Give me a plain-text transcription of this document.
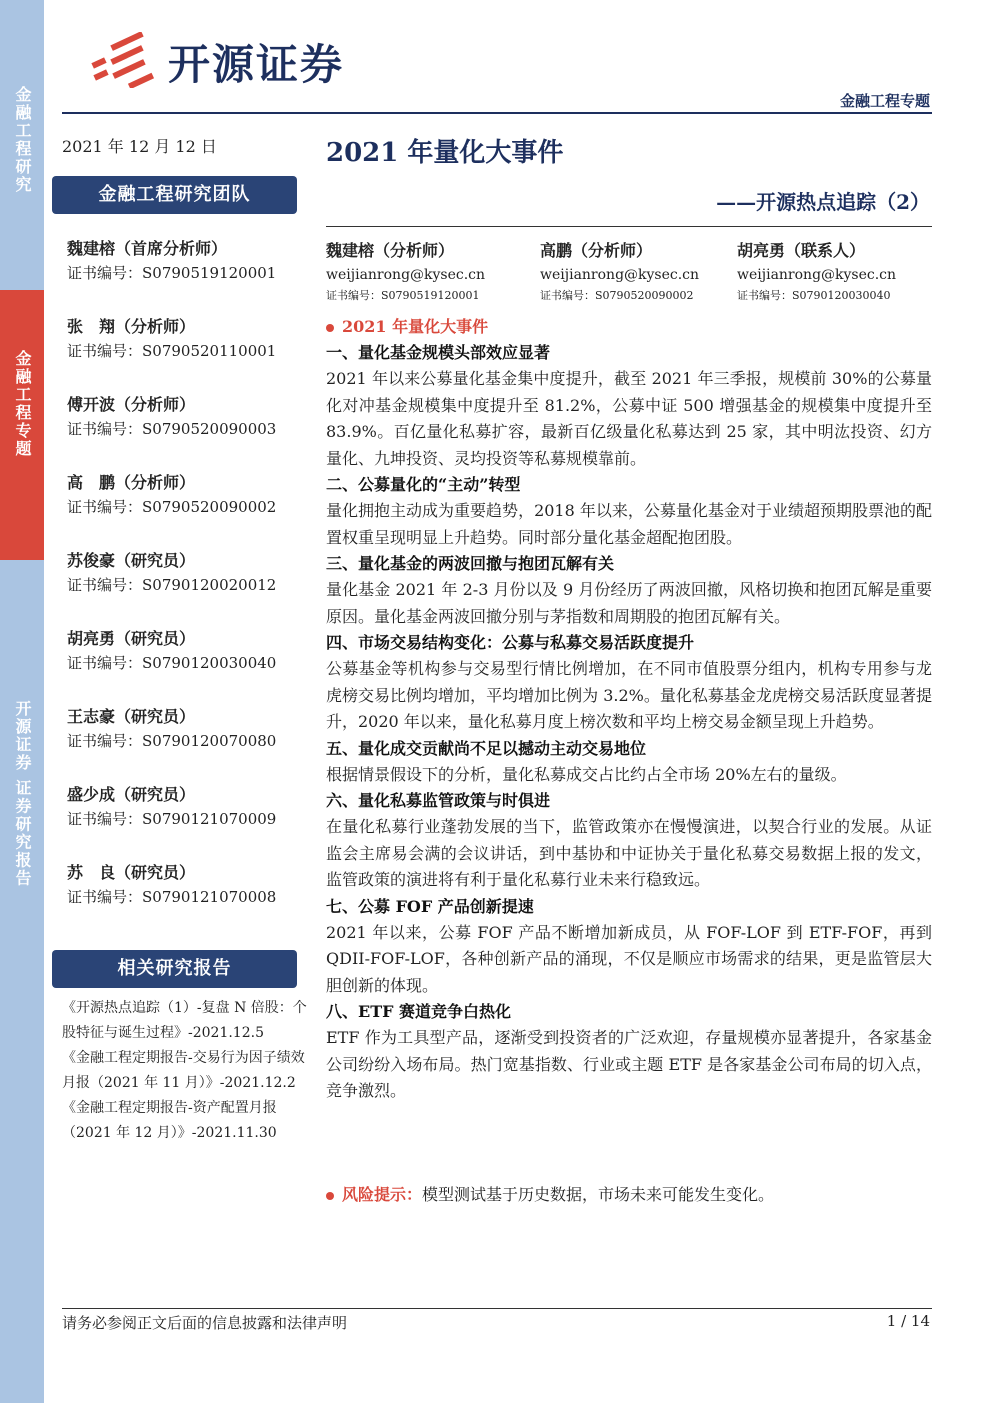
金融工程研究
金融工程专题
开源证券 证券研究报告
开源证券
金融工程专题
2021 年 12 月 12 日
金融工程研究团队
魏建榕（首席分析师）
证书编号：S0790519120001
张　翔（分析师）
证书编号：S0790520110001
傅开波（分析师）
证书编号：S0790520090003
高　鹏（分析师）
证书编号：S0790520090002
苏俊豪（研究员）
证书编号：S0790120020012
胡亮勇（研究员）
证书编号：S0790120030040
王志豪（研究员）
证书编号：S0790120070080
盛少成（研究员）
证书编号：S0790121070009
苏　良（研究员）
证书编号：S0790121070008
相关研究报告
《开源热点追踪（1）-复盘 N 倍股：个股特征与诞生过程》-2021.12.5
《金融工程定期报告-交易行为因子绩效月报（2021 年 11 月）》-2021.12.2
《金融工程定期报告-资产配置月报（2021 年 12 月）》-2021.11.30
2021 年量化大事件
——开源热点追踪（2）
魏建榕（分析师）
weijianrong@kysec.cn
证书编号：S0790519120001
高鹏（分析师）
weijianrong@kysec.cn
证书编号：S0790520090002
胡亮勇（联系人）
weijianrong@kysec.cn
证书编号：S0790120030040
2021 年量化大事件
一、量化基金规模头部效应显著
2021 年以来公募量化基金集中度提升，截至 2021 年三季报，规模前 30%的公募量化对冲基金规模集中度提升至 81.2%，公募中证 500 增强基金的规模集中度提升至 83.9%。百亿量化私募扩容，最新百亿级量化私募达到 25 家，其中明汯投资、幻方量化、九坤投资、灵均投资等私募规模靠前。
二、公募量化的“主动”转型
量化拥抱主动成为重要趋势，2018 年以来，公募量化基金对于业绩超预期股票池的配置权重呈现明显上升趋势。同时部分量化基金超配抱团股。
三、量化基金的两波回撤与抱团瓦解有关
量化基金 2021 年 2-3 月份以及 9 月份经历了两波回撤，风格切换和抱团瓦解是重要原因。量化基金两波回撤分别与茅指数和周期股的抱团瓦解有关。
四、市场交易结构变化：公募与私募交易活跃度提升
公募基金等机构参与交易型行情比例增加，在不同市值股票分组内，机构专用参与龙虎榜交易比例均增加，平均增加比例为 3.2%。量化私募基金龙虎榜交易活跃度显著提升，2020 年以来，量化私募月度上榜次数和平均上榜交易金额呈现上升趋势。
五、量化成交贡献尚不足以撼动主动交易地位
根据情景假设下的分析，量化私募成交占比约占全市场 20%左右的量级。
六、量化私募监管政策与时俱进
在量化私募行业蓬勃发展的当下，监管政策亦在慢慢演进，以契合行业的发展。从证监会主席易会满的会议讲话，到中基协和中证协关于量化私募交易数据上报的发文，监管政策的演进将有利于量化私募行业未来行稳致远。
七、公募 FOF 产品创新提速
2021 年以来，公募 FOF 产品不断增加新成员，从 FOF-LOF 到 ETF-FOF，再到 QDII-FOF-LOF，各种创新产品的涌现，不仅是顺应市场需求的结果，更是监管层大胆创新的体现。
八、ETF 赛道竞争白热化
ETF 作为工具型产品，逐渐受到投资者的广泛欢迎，存量规模亦显著提升，各家基金公司纷纷入场布局。热门宽基指数、行业或主题 ETF 是各家基金公司布局的切入点，竞争激烈。
风险提示：模型测试基于历史数据，市场未来可能发生变化。
请务必参阅正文后面的信息披露和法律声明	1 / 14
